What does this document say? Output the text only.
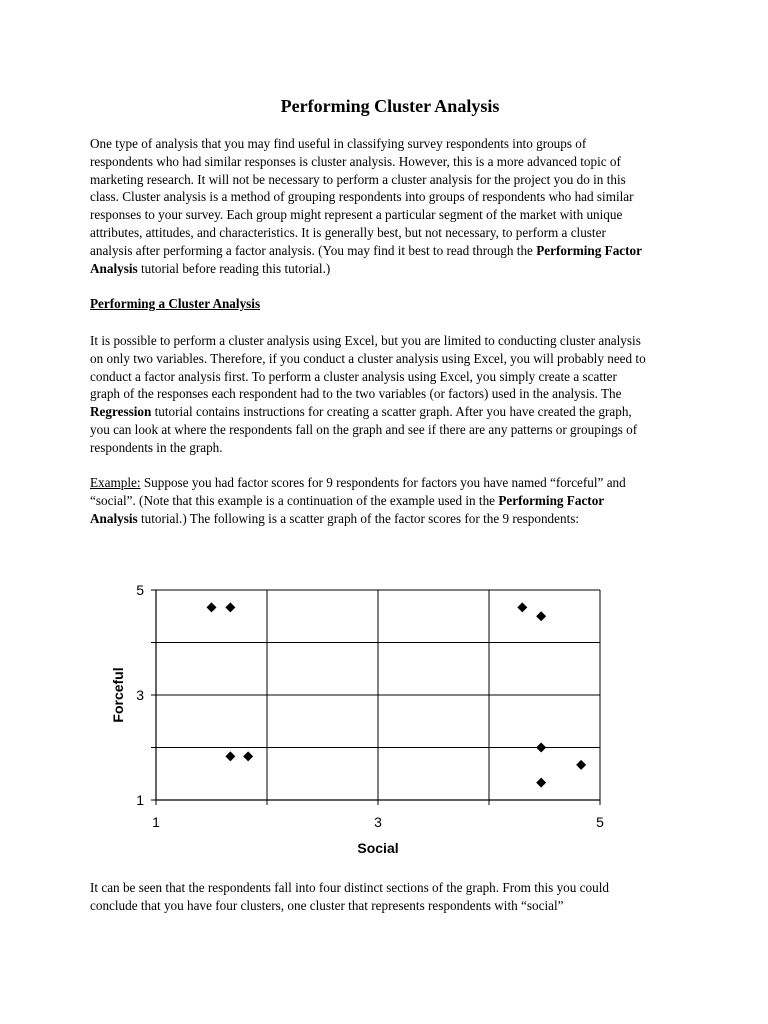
Performing Cluster Analysis

One type of analysis that you may find useful in classifying survey respondents into groups of respondents who had similar responses is cluster analysis. However, this is a more advanced topic of marketing research. It will not be necessary to perform a cluster analysis for the project you do in this class. Cluster analysis is a method of grouping respondents into groups of respondents who had similar responses to your survey. Each group might represent a particular segment of the market with unique attributes, attitudes, and characteristics. It is generally best, but not necessary, to perform a cluster analysis after performing a factor analysis. (You may find it best to read through the Performing Factor Analysis tutorial before reading this tutorial.)

Performing a Cluster Analysis

It is possible to perform a cluster analysis using Excel, but you are limited to conducting cluster analysis on only two variables. Therefore, if you conduct a cluster analysis using Excel, you will probably need to conduct a factor analysis first. To perform a cluster analysis using Excel, you simply create a scatter graph of the responses each respondent had to the two variables (or factors) used in the analysis. The Regression tutorial contains instructions for creating a scatter graph. After you have created the graph, you can look at where the respondents fall on the graph and see if there are any patterns or groupings of respondents in the graph.

Example: Suppose you had factor scores for 9 respondents for factors you have named “forceful” and “social”. (Note that this example is a continuation of the example used in the Performing Factor Analysis tutorial.) The following is a scatter graph of the factor scores for the 9 respondents:

It can be seen that the respondents fall into four distinct sections of the graph. From this you could conclude that you have four clusters, one cluster that represents respondents with “social”

1	3	5
1
3
5
Social
Forceful
